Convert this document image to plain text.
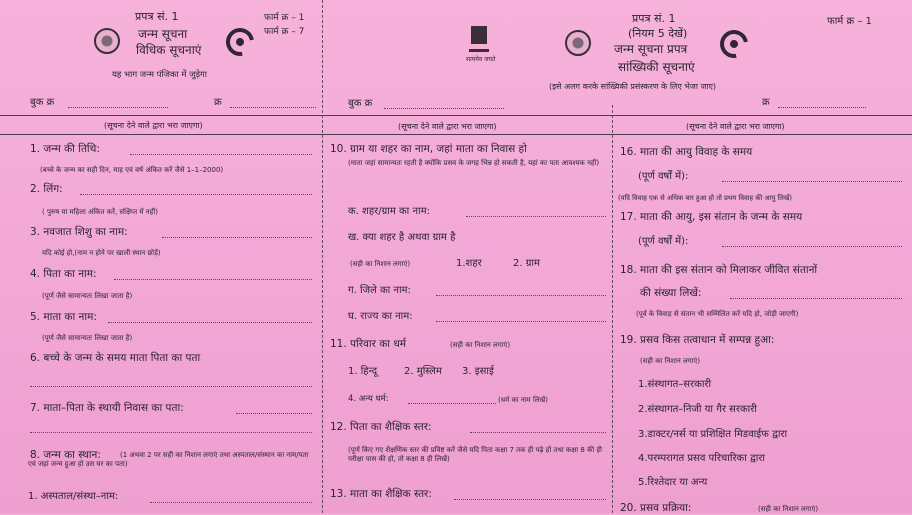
प्रपत्र सं. 1
जन्म सूचना
विधिक सूचनाएं
यह भाग जन्म पंजिका में जुड़ेगा
फार्म क्र – 1
फार्म क्र – 7
सत्यमेव जयते
प्रपत्र सं. 1
(नियम 5 देखें)
जन्म सूचना प्रपत्र
सांख्यिकी सूचनाएं
फार्म क्र – 1
(इसे अलग करके सांख्यिकी प्रसंस्करण के लिए भेजा जाए)
बुक क्र	क्र	बुक क्र	क्र
(सूचना देने वाले द्वारा भरा जाएगा)	(सूचना देने वाले द्वारा भरा जाएगा)	(सूचना देने वाले द्वारा भरा जाएगा)
1. जन्म की तिथि:
(बच्चे के जन्म का सही दिन, माह एवं वर्ष अंकित करें जैसे 1–1–2000)
2. लिंग:
( पुरुष या महिला अंकित करें, संक्षिप्त में नहीं)
3. नवजात शिशु का नाम:
यदि कोई हो,(नाम न होने पर खाली स्थान छोड़ें)
4. पिता का नाम:
(पूर्ण जैसे सामान्यतः लिखा जाता है)
5. माता का नाम:
(पूर्ण जैसे सामान्यतः लिखा जाता है)
6. बच्चे के जन्म के समय माता पिता का पता
7. माता–पिता के स्थायी निवास का पता:
8. जन्म का स्थान:	(1 अथवा 2 पर सही का निशान लगाएं तथा अस्पताल/संस्थान का नाम/पता एवं जहां जन्म हुआ हो उस घर का पता)
1. अस्पताल/संस्था–नाम:
10. ग्राम या शहर का नाम, जहां माता का निवास हो
(माता जहां सामान्यतः रहती है क्योंकि प्रसव के जगह भिन्न हो सकती है, यहां का पता आवश्यक नहीं)
क. शहर/ग्राम का नाम:
ख. क्या शहर है अथवा ग्राम है
(सही का निशान लगाएं)	1.शहर	2. ग्राम
ग. जिले का नाम:
घ. राज्य का नाम:
11. परिवार का धर्म	(सही का निशान लगाएं)
1. हिन्दू	2. मुस्लिम 3. इसाई
4. अन्य धर्म:	(धर्म का नाम लिखें)
12. पिता का शैक्षिक स्तर:
(पूर्ण किए गए शैक्षणिक स्तर की प्रविष्ट करें जैसे यदि पिता कक्षा 7 तक ही पढ़े हों तथा कक्षा 8 की ही परीक्षा पास की हो, तो कक्षा 8 ही लिखें)
13. माता का शैक्षिक स्तर:
16. माता की आयु विवाह के समय
(पूर्ण वर्षों में):
(यदि विवाह एक से अधिक बार हुआ हो तो प्रथम विवाह की आयु लिखें)
17. माता की आयु, इस संतान के जन्म के समय
(पूर्ण वर्षों में):
18. माता की इस संतान को मिलाकर जीवित संतानों
की संख्या लिखें:
(पूर्व के विवाह से संतान भी सम्मिलित करें यदि हो, जोड़ी जाएगी)
19. प्रसव किस तत्वाधान में सम्पन्न हुआ:
(सही का निशान लगाएं)
1.संस्थागत–सरकारी
2.संस्थागत–निजी या गैर सरकारी
3.डाक्टर/नर्स या प्रशिक्षित मिडवाईफ द्वारा
4.परम्परागत प्रसव परिचारिका द्वारा
5.रिश्तेदार या अन्य
20. प्रसव प्रक्रिया:	(सही का निशान लगाएं)
